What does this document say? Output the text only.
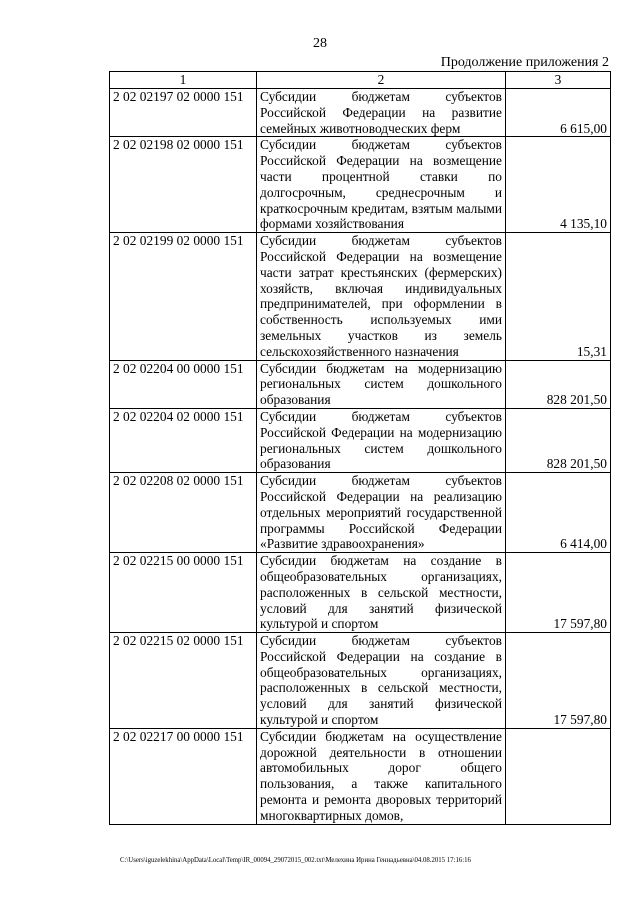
28
Продолжение приложения 2
1	2	3
2 02 02197 02 0000 151	Субсидии бюджетам субъектов Российской Федерации на развитие семейных животноводческих ферм	6 615,00
2 02 02198 02 0000 151	Субсидии бюджетам субъектов Российской Федерации на возмещение части процентной ставки по долгосрочным, среднесрочным и краткосрочным кредитам, взятым малыми формами хозяйствования	4 135,10
2 02 02199 02 0000 151	Субсидии бюджетам субъектов Российской Федерации на возмещение части затрат крестьянских (фермерских) хозяйств, включая индивидуальных предпринимателей, при оформлении в собственность используемых ими земельных участков из земель сельскохозяйственного назначения	15,31
2 02 02204 00 0000 151	Субсидии бюджетам на модернизацию региональных систем дошкольного образования	828 201,50
2 02 02204 02 0000 151	Субсидии бюджетам субъектов Российской Федерации на модернизацию региональных систем дошкольного образования	828 201,50
2 02 02208 02 0000 151	Субсидии бюджетам субъектов Российской Федерации на реализацию отдельных мероприятий государственной программы Российской Федерации «Развитие здравоохранения»	6 414,00
2 02 02215 00 0000 151	Субсидии бюджетам на создание в общеобразовательных организациях, расположенных в сельской местности, условий для занятий физической культурой и спортом	17 597,80
2 02 02215 02 0000 151	Субсидии бюджетам субъектов Российской Федерации на создание в общеобразовательных организациях, расположенных в сельской местности, условий для занятий физической культурой и спортом	17 597,80
2 02 02217 00 0000 151	Субсидии бюджетам на осуществление дорожной деятельности в отношении автомобильных дорог общего пользования, а также капитального ремонта и ремонта дворовых территорий многоквартирных домов,	
C:\Users\iguzelekhina\AppData\Local\Temp\IR_00094_29072015_002.txt\Мелехина Ирина Геннадьевна\04.08.2015 17:16:16
